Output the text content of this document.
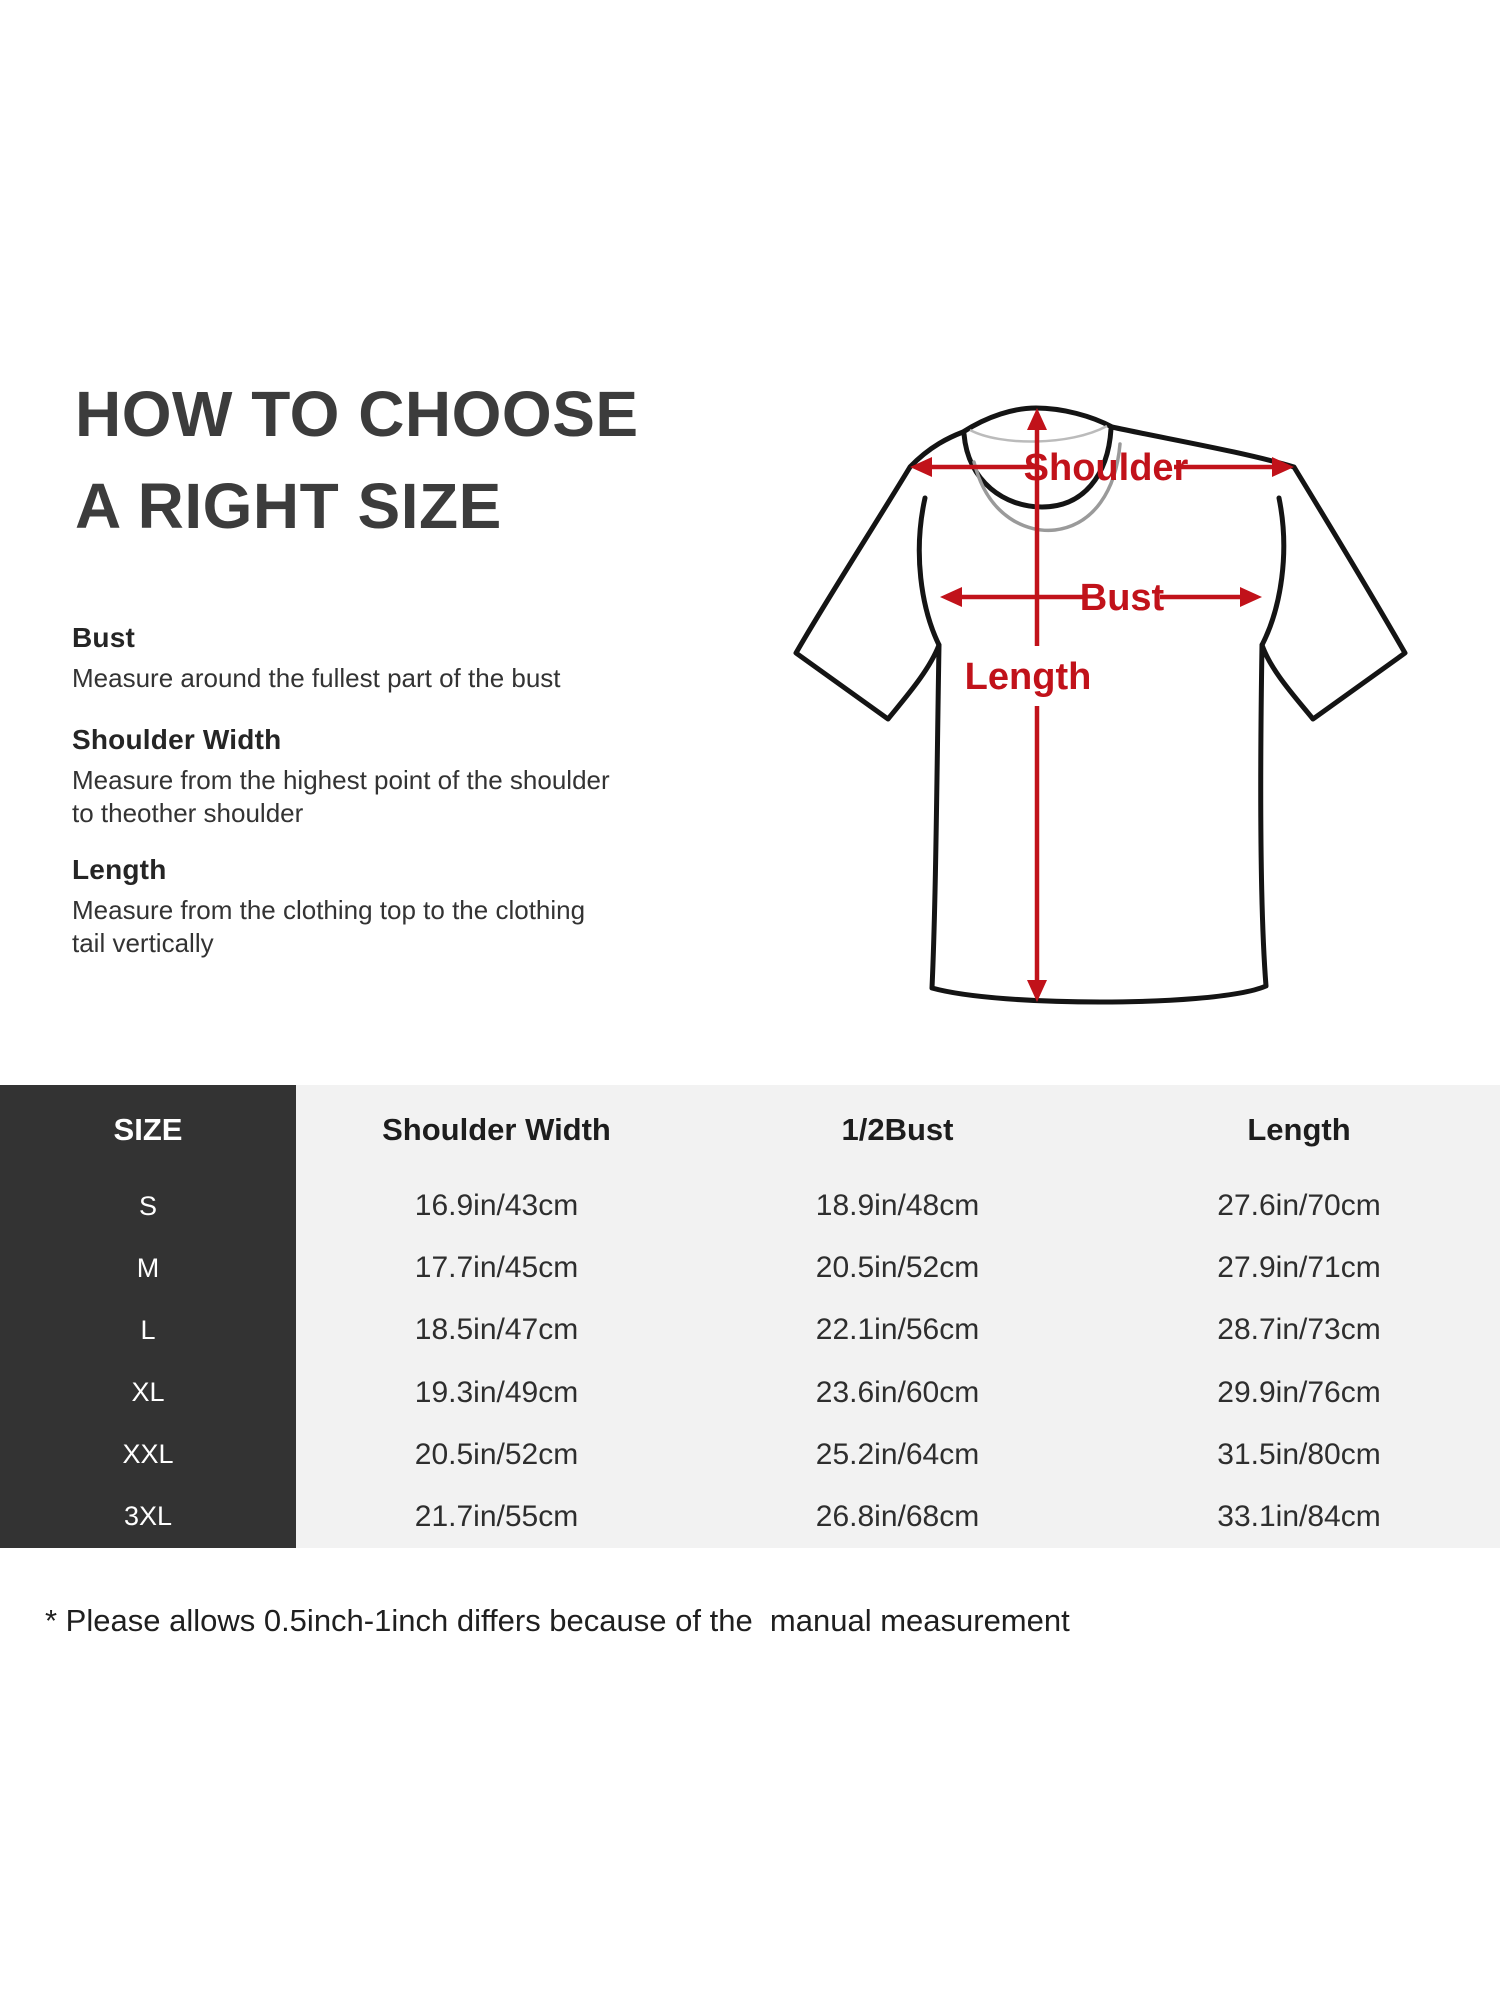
HOW TO CHOOSE
A RIGHT SIZE
Bust

Measure around the fullest part of the bust

Shoulder Width

Measure from the highest point of the shoulder to theother shoulder

Length

Measure from the clothing top to the clothing tail vertically

Shoulder
Bust
Length
SIZE	Shoulder Width	1/2Bust	Length
S	16.9in/43cm	18.9in/48cm	27.6in/70cm
M	17.7in/45cm	20.5in/52cm	27.9in/71cm
L	18.5in/47cm	22.1in/56cm	28.7in/73cm
XL	19.3in/49cm	23.6in/60cm	29.9in/76cm
XXL	20.5in/52cm	25.2in/64cm	31.5in/80cm
3XL	21.7in/55cm	26.8in/68cm	33.1in/84cm
* Please allows 0.5inch-1inch differs because of the  manual measurement
